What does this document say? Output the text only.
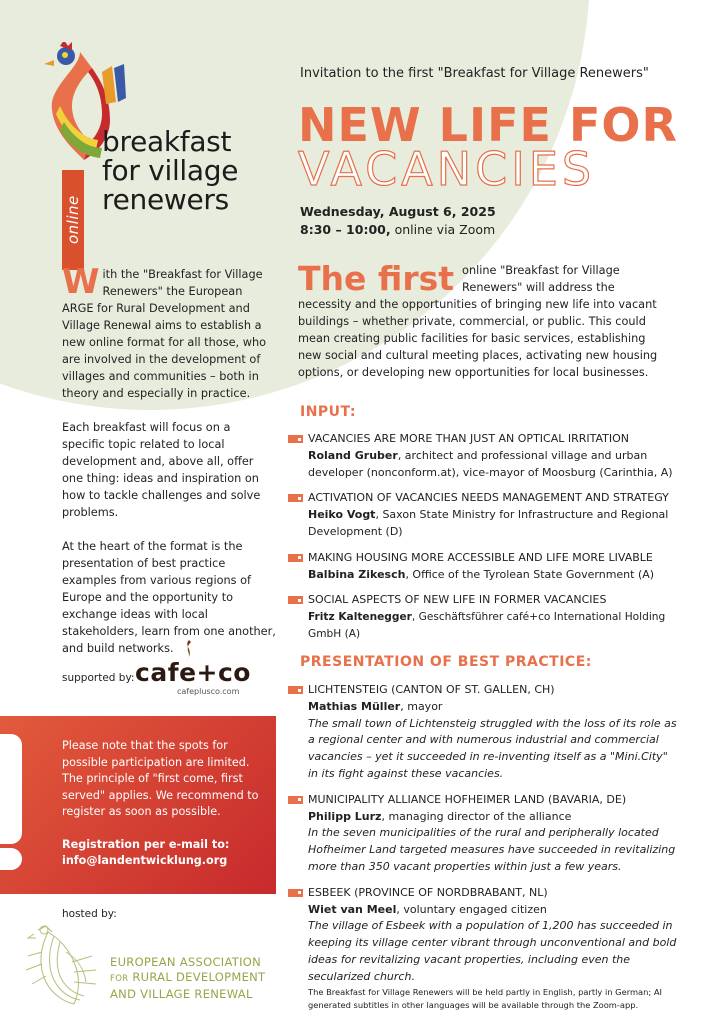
online
breakfast
for village
renewers
Invitation to the first "Breakfast for Village Renewers"
NEW LIFE FOR
VACANCIES
Wednesday, August 6, 2025
8:30 – 10:00, online via Zoom

With the "Breakfast for Village Renewers" the European ARGE for Rural Development and Village Renewal aims to establish a new online format for all those, who are involved in the development of villages and communities – both in theory and especially in practice.

Each breakfast will focus on a specific topic related to local development and, above all, offer one thing: ideas and inspiration on how to tackle challenges and solve problems.

At the heart of the format is the presentation of best practice examples from various regions of Europe and the opportunity to exchange ideas with local stakeholders, learn from one another, and build networks.

supported by: cafe+co
cafeplusco.com

Please note that the spots for possible participation are limited. The principle of "first come, first served" applies. We recommend to register as soon as possible.

Registration per e-mail to:
info@landentwicklung.org

hosted by:
EUROPEAN ASSOCIATION
FOR RURAL DEVELOPMENT
AND VILLAGE RENEWAL
The first online "Breakfast for Village Renewers" will address the necessity and the opportunities of bringing new life into vacant buildings – whether private, commercial, or public. This could mean creating public facilities for basic services, establishing new social and cultural meeting places, activating new housing options, or developing new opportunities for local businesses.
INPUT:
VACANCIES ARE MORE THAN JUST AN OPTICAL IRRITATION
Roland Gruber, architect and professional village and urban developer (nonconform.at), vice-mayor of Moosburg (Carinthia, A)
ACTIVATION OF VACANCIES NEEDS MANAGEMENT AND STRATEGY
Heiko Vogt, Saxon State Ministry for Infrastructure and Regional Development (D)
MAKING HOUSING MORE ACCESSIBLE AND LIFE MORE LIVABLE
Balbina Zikesch, Office of the Tyrolean State Government (A)
SOCIAL ASPECTS OF NEW LIFE IN FORMER VACANCIES
Fritz Kaltenegger, Geschäftsführer café+co International Holding GmbH (A)
PRESENTATION OF BEST PRACTICE:
LICHTENSTEIG (CANTON OF ST. GALLEN, CH)
Mathias Müller, mayor
The small town of Lichtensteig struggled with the loss of its role as a regional center and with numerous industrial and commercial vacancies – yet it succeeded in re-inventing itself as a "Mini.City" in its fight against these vacancies.
MUNICIPALITY ALLIANCE HOFHEIMER LAND (BAVARIA, DE)
Philipp Lurz, managing director of the alliance
In the seven municipalities of the rural and peripherally located Hofheimer Land targeted measures have succeeded in revitalizing more than 350 vacant properties within just a few years.
ESBEEK (PROVINCE OF NORDBRABANT, NL)
Wiet van Meel, voluntary engaged citizen
The village of Esbeek with a population of 1,200 has succeeded in keeping its village center vibrant through unconventional and bold ideas for revitalizing vacant properties, including even the secularized church.
The Breakfast for Village Renewers will be held partly in English, partly in German; AI generated subtitles in other languages will be available through the Zoom-app.
